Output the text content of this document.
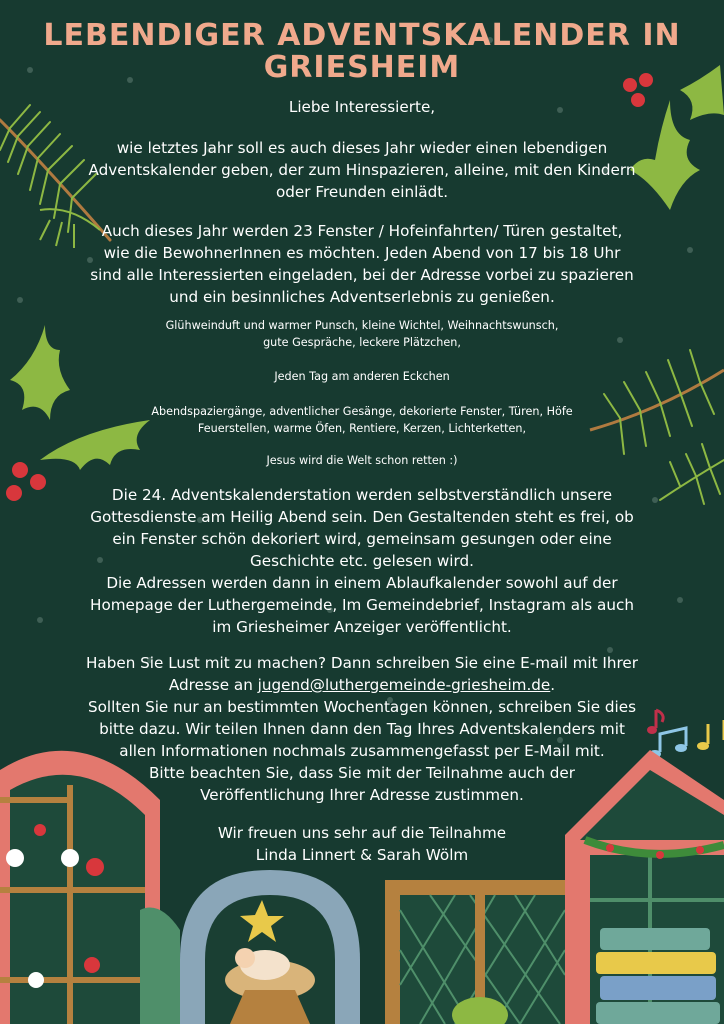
LEBENDIGER ADVENTSKALENDER IN GRIESHEIM

Liebe Interessierte,

wie letztes Jahr soll es auch dieses Jahr wieder einen lebendigen
Adventskalender geben, der zum Hinspazieren, alleine, mit den Kindern
oder Freunden einlädt.

Auch dieses Jahr werden 23 Fenster / Hofeinfahrten/ Türen gestaltet,
wie die BewohnerInnen es möchten. Jeden Abend von 17 bis 18 Uhr
sind alle Interessierten eingeladen, bei der Adresse vorbei zu spazieren
und ein besinnliches Adventserlebnis zu genießen.

Glühweinduft und warmer Punsch, kleine Wichtel, Weihnachtswunsch,
gute Gespräche, leckere Plätzchen,

Jeden Tag am anderen Eckchen

Abendspaziergänge, adventlicher Gesänge, dekorierte Fenster, Türen, Höfe
Feuerstellen, warme Öfen, Rentiere, Kerzen, Lichterketten,

Jesus wird die Welt schon retten :)

Die 24. Adventskalenderstation werden selbstverständlich unsere
Gottesdienste am Heilig Abend sein. Den Gestaltenden steht es frei, ob
ein Fenster schön dekoriert wird, gemeinsam gesungen oder eine
Geschichte etc. gelesen wird.
Die Adressen werden dann in einem Ablaufkalender sowohl auf der
Homepage der Luthergemeinde, Im Gemeindebrief, Instagram als auch
im Griesheimer Anzeiger veröffentlicht.

Haben Sie Lust mit zu machen? Dann schreiben Sie eine E-mail mit Ihrer
Adresse an jugend@luthergemeinde-griesheim.de.
Sollten Sie nur an bestimmten Wochentagen können, schreiben Sie dies
bitte dazu. Wir teilen Ihnen dann den Tag Ihres Adventskalenders mit
allen Informationen nochmals zusammengefasst per E-Mail mit.
Bitte beachten Sie, dass Sie mit der Teilnahme auch der
Veröffentlichung Ihrer Adresse zustimmen.

Wir freuen uns sehr auf die Teilnahme
Linda Linnert & Sarah Wölm
